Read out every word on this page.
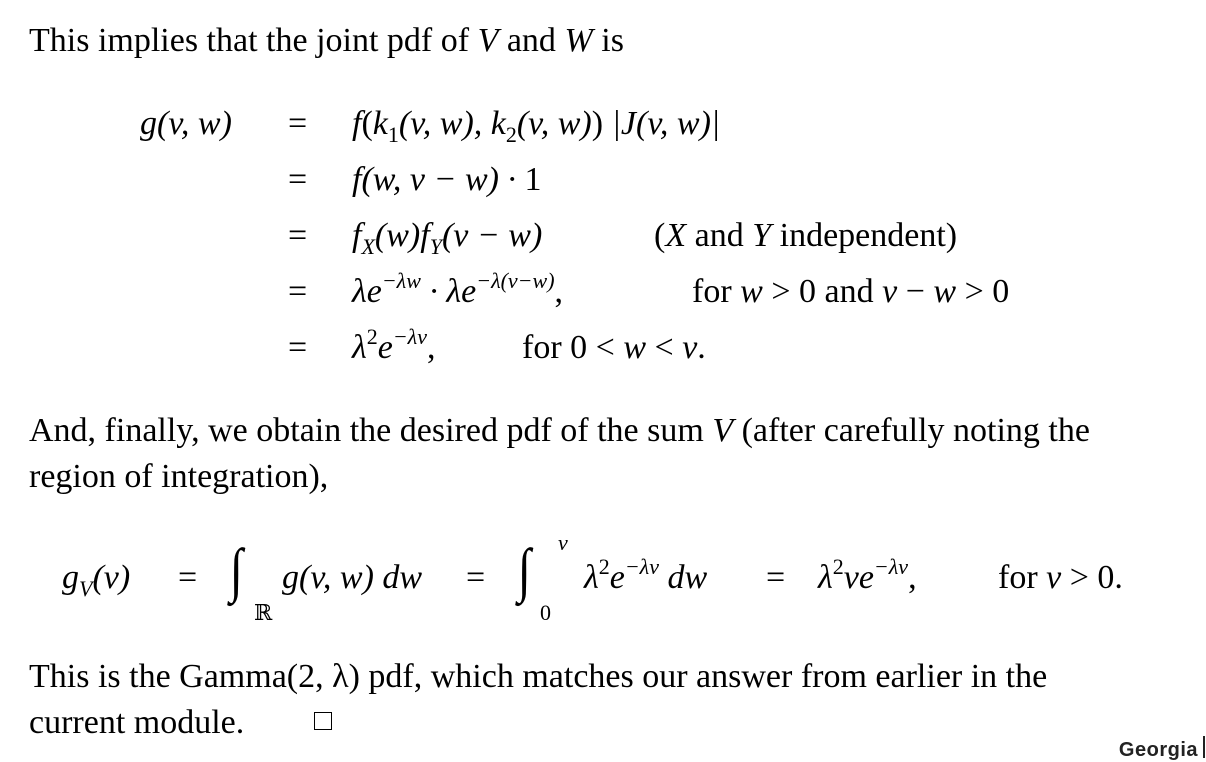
This implies that the joint pdf of V and W is
g(v, $w) = f(k_1(v$, w), $k_2(v$, w)) |J(v, w)|
= f(w, v − w) · 1
= $f_X(w)f_Y(v - w)$	(X and Y independent)
= $\lambda e^{-\lambda w} \cdot \lambda e^{-\lambda(v-w)}$,	for w > 0 and v − w > 0
= $\lambda^2e^{-\lambda v}$,	for 0 < w < v.
And, finally, we obtain the desired pdf of the sum V (after carefully noting the
region of integration),
$g_V(v)$ = ∫
ℝ
g(v, w) dw = ∫ v
0
$\lambda^2e^{-\lambda v}$ dw = $\lambda^2ve^{-\lambda v}$, for v > 0.
This is the Gamma(2, λ) pdf, which matches our answer from earlier in the
current module.
Georgia
